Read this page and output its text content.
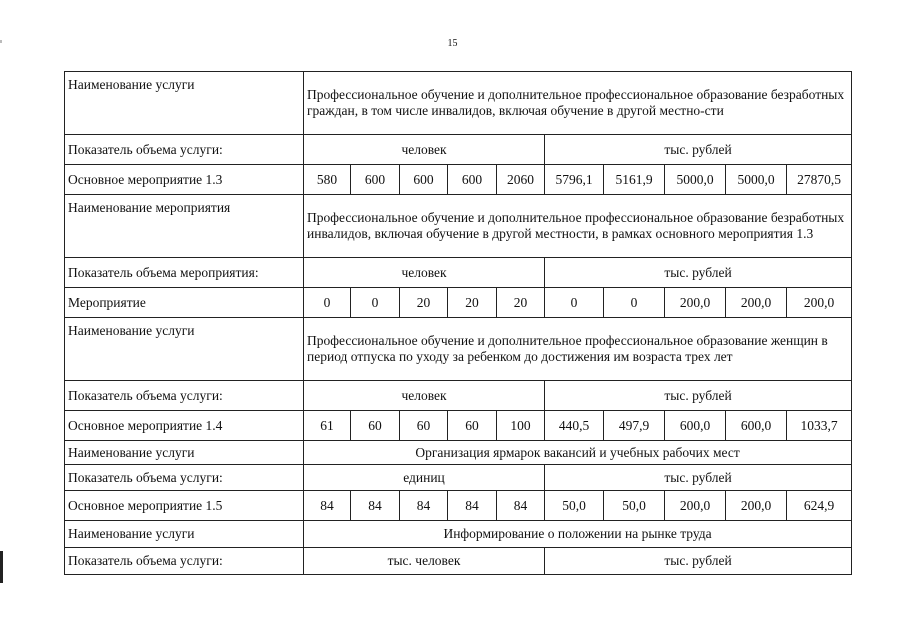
15
Наименование услуги	Профессиональное обучение и дополнительное профессиональное образование безработных граждан, в том числе инвалидов, включая обучение в другой местно-сти									
Показатель объема услуги:	человек					тыс. рублей				
Основное мероприятие 1.3	580	600	600	600	2060	5796,1	5161,9	5000,0	5000,0	27870,5
Наименование мероприятия	Профессиональное обучение и дополнительное профессиональное образование безработных инвалидов, включая обучение в другой местности, в рамках основного мероприятия 1.3									
Показатель объема мероприятия:	человек					тыс. рублей				
Мероприятие	0	0	20	20	20	0	0	200,0	200,0	200,0
Наименование услуги	Профессиональное обучение и дополнительное профессиональное образование женщин в период отпуска по уходу за ребенком до достижения им возраста трех лет									
Показатель объема услуги:	человек					тыс. рублей				
Основное мероприятие 1.4	61	60	60	60	100	440,5	497,9	600,0	600,0	1033,7
Наименование услуги	Организация ярмарок вакансий и учебных рабочих мест									
Показатель объема услуги:	единиц					тыс. рублей				
Основное мероприятие 1.5	84	84	84	84	84	50,0	50,0	200,0	200,0	624,9
Наименование услуги	Информирование о положении на рынке труда									
Показатель объема услуги:	тыс. человек					тыс. рублей				
